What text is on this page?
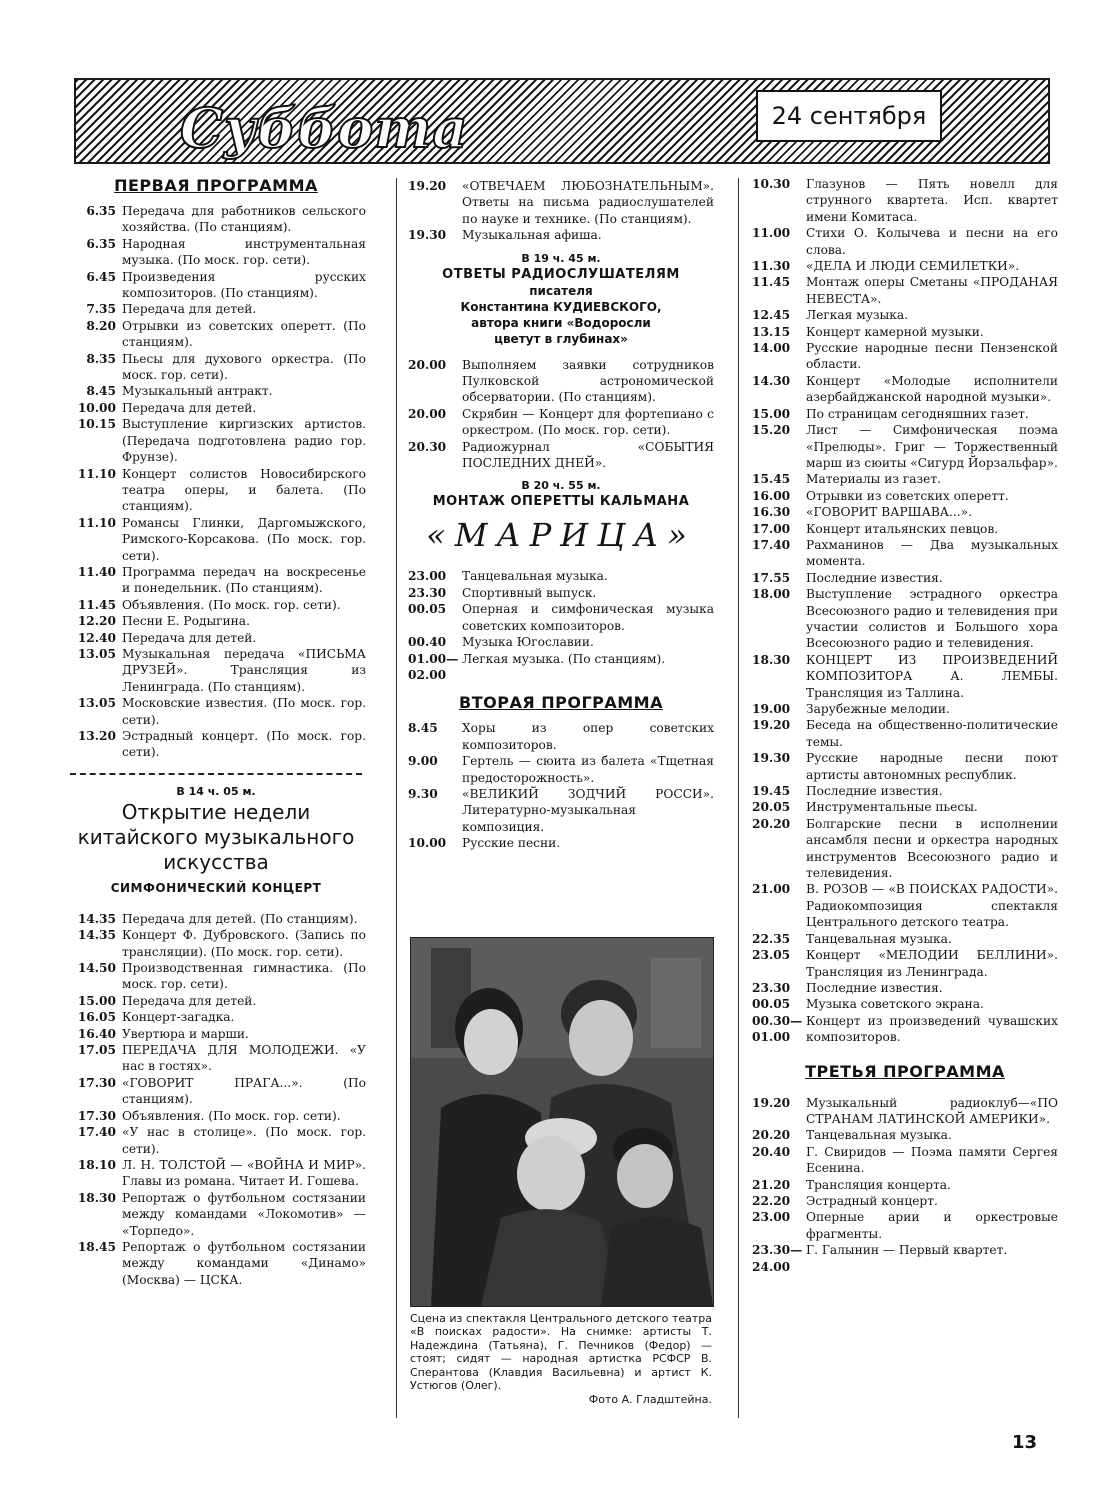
Суббота	24 сентября
ПЕРВАЯ ПРОГРАММА
6.35 Передача для работников сельского хозяйства. (По станциям).
6.35 Народная инструментальная музыка. (По моск. гор. сети).
6.45 Произведения русских композиторов. (По станциям).
7.35 Передача для детей.
8.20 Отрывки из советских оперетт. (По станциям).
8.35 Пьесы для духового оркестра. (По моск. гор. сети).
8.45 Музыкальный антракт.
10.00 Передача для детей.
10.15 Выступление киргизских артистов. (Передача подготовлена радио гор. Фрунзе).
11.10 Концерт солистов Новосибирского театра оперы, и балета. (По станциям).
11.10 Романсы Глинки, Даргомыжского, Римского-Корсакова. (По моск. гор. сети).
11.40 Программа передач на воскресенье и понедельник. (По станциям).
11.45 Объявления. (По моск. гор. сети).
12.20 Песни Е. Родыгина.
12.40 Передача для детей.
13.05 Музыкальная передача «ПИСЬМА ДРУЗЕЙ». Трансляция из Ленинграда. (По станциям).
13.05 Московские известия. (По моск. гор. сети).
13.20 Эстрадный концерт. (По моск. гор. сети).
В 14 ч. 05 м.
Открытие недели китайского музыкального искусства
СИМФОНИЧЕСКИЙ КОНЦЕРТ
14.35 Передача для детей. (По станциям).
14.35 Концерт Ф. Дубровского. (Запись по трансляции). (По моск. гор. сети).
14.50 Производственная гимнастика. (По моск. гор. сети).
15.00 Передача для детей.
16.05 Концерт-загадка.
16.40 Увертюра и марши.
17.05 ПЕРЕДАЧА ДЛЯ МОЛОДЕЖИ. «У нас в гостях».
17.30 «ГОВОРИТ ПРАГА...». (По станциям).
17.30 Объявления. (По моск. гор. сети).
17.40 «У нас в столице». (По моск. гор. сети).
18.10 Л. Н. ТОЛСТОЙ — «ВОЙНА И МИР». Главы из романа. Читает И. Гошева.
18.30 Репортаж о футбольном состязании между командами «Локомотив» — «Торпедо».
18.45 Репортаж о футбольном состязании между командами «Динамо» (Москва) — ЦСКА.
19.20	«ОТВЕЧАЕМ ЛЮБОЗНАТЕЛЬНЫМ». Ответы на письма радиослушателей по науке и технике. (По станциям).
19.30	Музыкальная афиша.
В 19 ч. 45 м.
ОТВЕТЫ РАДИОСЛУШАТЕЛЯМ
писателя
Константина КУДИЕВСКОГО,
автора книги «Водоросли
цветут в глубинах»
20.00	Выполняем заявки сотрудников Пулковской астрономической обсерватории. (По станциям).
20.00	Скрябин — Концерт для фортепиано с оркестром. (По моск. гор. сети).
20.30	Радиожурнал «СОБЫТИЯ ПОСЛЕДНИХ ДНЕЙ».
В 20 ч. 55 м.
МОНТАЖ ОПЕРЕТТЫ КАЛЬМАНА
«МАРИЦА»
23.00	Танцевальная музыка.
23.30	Спортивный выпуск.
00.05	Оперная и симфоническая музыка советских композиторов.
00.40	Музыка Югославии.
01.00—02.00
Легкая музыка. (По станциям).
ВТОРАЯ ПРОГРАММА
8.45	Хоры из опер советских композиторов.
9.00	Гертель — сюита из балета «Тщетная предосторожность».
9.30	«ВЕЛИКИЙ ЗОДЧИЙ РОССИ». Литературно-музыкальная композиция.
10.00	Русские песни.
Сцена из спектакля Центрального детского театра «В поисках радости». На снимке: артисты Т. Надеждина (Татьяна), Г. Печников (Федор) — стоят; сидят — народная артистка РСФСР В. Сперантова (Клавдия Васильевна) и артист К. Устюгов (Олег).
Фото А. Гладштейна.
10.30	Глазунов — Пять новелл для струнного квартета. Исп. квартет имени Комитаса.
11.00	Стихи О. Колычева и песни на его слова.
11.30	«ДЕЛА И ЛЮДИ СЕМИЛЕТКИ».
11.45	Монтаж оперы Сметаны «ПРОДАНАЯ НЕВЕСТА».
12.45	Легкая музыка.
13.15	Концерт камерной музыки.
14.00	Русские народные песни Пензенской области.
14.30	Концерт «Молодые исполнители азербайджанской народной музыки».
15.00	По страницам сегодняшних газет.
15.20	Лист — Симфоническая поэма «Прелюды». Григ — Торжественный марш из сюиты «Сигурд Йорзальфар».
15.45	Материалы из газет.
16.00	Отрывки из советских оперетт.
16.30	«ГОВОРИТ ВАРШАВА...».
17.00	Концерт итальянских певцов.
17.40	Рахманинов — Два музыкальных момента.
17.55	Последние известия.
18.00	Выступление эстрадного оркестра Всесоюзного радио и телевидения при участии солистов и Большого хора Всесоюзного радио и телевидения.
18.30	КОНЦЕРТ ИЗ ПРОИЗВЕДЕНИЙ КОМПОЗИТОРА А. ЛЕМБЫ. Трансляция из Таллина.
19.00	Зарубежные мелодии.
19.20	Беседа на общественно-политические темы.
19.30	Русские народные песни поют артисты автономных республик.
19.45	Последние известия.
20.05	Инструментальные пьесы.
20.20	Болгарские песни в исполнении ансамбля песни и оркестра народных инструментов Всесоюзного радио и телевидения.
21.00	В. РОЗОВ — «В ПОИСКАХ РАДОСТИ». Радиокомпозиция спектакля Центрального детского театра.
22.35	Танцевальная музыка.
23.05	Концерт «МЕЛОДИИ БЕЛЛИНИ». Трансляция из Ленинграда.
23.30	Последние известия.
00.05	Музыка советского экрана.
00.30—01.00
Концерт из произведений чувашских композиторов.
ТРЕТЬЯ ПРОГРАММА
19.20	Музыкальный радиоклуб—«ПО СТРАНАМ ЛАТИНСКОЙ АМЕРИКИ».
20.20	Танцевальная музыка.
20.40	Г. Свиридов — Поэма памяти Сергея Есенина.
21.20	Трансляция концерта.
22.20	Эстрадный концерт.
23.00	Оперные арии и оркестровые фрагменты.
23.30—24.00
Г. Галынин — Первый квартет.
13
